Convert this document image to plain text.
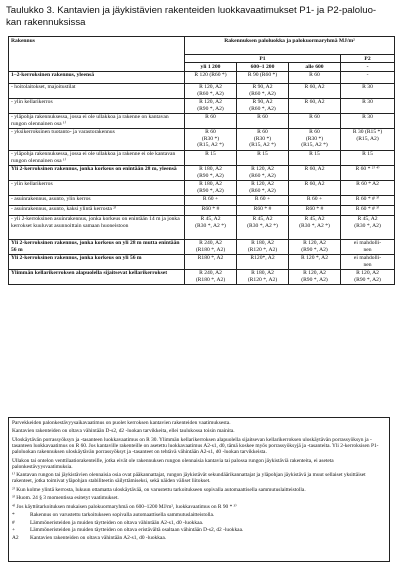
Taulukko 3. Kantavien ja jäykistävien rakenteiden luokkavaatimukset P1- ja P2-paloluo-
kan rakennuksissa
Rakennus	Rakennuksen paloluokka ja palokuormaryhmä MJ/m²			
	P1			P2
	yli 1 200	600–1 200	alle 600	-
1–2-kerroksinen rakennus, yleensä	R 120 (R60 *)	R 90 (R60 *)	R 60	-
- hoitolaitokset, majoitustilat	R 120, A2
(R60 *, A2)	R 90, A2
(R60 *, A2)	R 60, A2	R 30
- ylin kellarikerros	R 120, A2
(R90 *, A2)	R 90, A2
(R60 *, A2)	R 60, A2	R 30
- yläpohja rakennuksessa, jossa ei ole ullakkoa ja rakenne on kantavan rungon olennainen osa ¹⁾	R 60	R 60	R 60	R 30
- yksikerroksinen tuotanto- ja varastorakennus	R 60
(R30 *)
(R15, A2 *)	R 60
(R30 *)
(R15, A2 *)	R 60
(R30 *)
(R15, A2 *)	R 30 (R15 *)
(R15, A2)
- yläpohja rakennuksessa, jossa ei ole ullakkoa ja rakenne ei ole kantavan rungon olennainen osa ¹⁾	R 15	R 15	R 15	R 15
Yli 2-kerroksinen rakennus, jonka korkeus on enintään 28 m, yleensä	R 180, A2
(R90 *, A2)	R 120, A2
(R60 *, A2)	R 60, A2	R 60 * ²⁾ ⁴⁾
- ylin kellarikerros	R 180, A2
(R90 *, A2)	R 120, A2
(R60 *, A2)	R 60, A2	R 60 * A2
- asuinrakennus, asunto, ylin kerros	R 60 +	R 60 +	R 60 +	R 60 * # ³⁾
- asuinrakennus, asunto, kaksi ylintä kerrosta ²⁾	R60 * #	R60 * #	R60 * #	R 60 * # ³⁾
- yli 2-kerroksinen asuinrakennus, jonka korkeus on enintään 14 m ja jonka kerrokset kuuluvat asunnoittain samaan huoneistoon	R 45, A2
(R30 *, A2 *)	R 45, A2
(R30 *, A2 *)	R 45, A2
(R30 *, A2 *)	R 45, A2
(R30 *, A2)
Yli 2-kerroksinen rakennus, jonka korkeus on yli 28 m mutta enintään 56 m	R 240, A2
(R180 *, A2)	R 180, A2
(R120 *, A2)	R 120, A2
(R90 *, A2)	ei mahdolli-
nen
Yli 2-kerroksinen rakennus, jonka korkeus on yli 56 m	R180 *, A2	R120*, A2	R 120 *, A2	ei mahdolli-
nen
Ylimmän kellarikerroksen alapuolella sijaitsevat kellarikerrokset	R 240, A2
(R180 *, A2)	R 180, A2
(R120 *, A2)	R 120, A2
(R90 *, A2)	R 120, A2
(R90 *, A2)

Parvekkeiden palonkestävyysaikavaatimus on puolet kerroksen kantavien rakenteiden vaatimuksesta.

Kantavien rakenteiden on oltava vähintään D-s2, d2 -luokan tarvikkeita, ellei taulukossa toisin mainita.

Uloskäytävän porrassyöksyn ja -tasanteen luokkavaatimus on R 30. Ylimmän kellarikerroksen alapuolella sijaitsevan kellarikerroksen uloskäytävän porrassyöksyn ja -tasanteen luokkavaatimus on R 60. Jos kantaville rakenteille on asetettu luokkavaatimus A2-s1, d0, tämä koskee myös porrassyöksyjä ja -tasanteita. Yli 2-kerroksisen P1-paloluokan rakennuksen uloskäytävän porrassyöksyt ja -tasanteet on tehtävä vähintään A2-s1, d0 -luokan tarvikkeista.

Ullakon tai ontelon venttilaatiorakenteille, jotka eivät ole rakennuksen rungon olennaisia kantavia tai palossa rungon jäykistäviä rakenteita, ei aseteta palonkestävyysvaatimuksia.

¹⁾ Kantavan rungon tai jäykistävien olennaisia osia ovat pääkannattajat, rungon jäykistävät sekundäärikannattajat ja yläpohjan jäykistävä ja muut sellaiset yksittäiset rakenteet, jotka toimivat yläpohjan stabiliteetin säilyttämiseksi, sekä näiden väliset liitokset.

²⁾ Kun kolme ylintä kerrosta, lukuun ottamatta uloskäytävää, on varustettu tarkoitukseen sopivalla automaattisella sammutuslaitteistolla.

³⁾ Huom. 24 § 3 momentissa esitetyt vaatimukset.

⁴⁾ Jos käyttötarkoituksen mukaisen palokuormaryhmä on 600–1200 MJ/m², luokkavaatimus on R 90 * ³⁾

*	Rakennus on varustettu tarkoitukseen sopivalla automaattisella sammutuslaitteistolla.
#	Lämmöneristeiden ja muiden täytteiden on oltava vähintään A2-s1, d0 -luokkaa.
+	Lämmöneristeiden ja muiden täytteiden on oltava eristävältä osaltaan vähintään D-s2, d2 -luokkaa.
A2	Kantavien rakenteiden on oltava vähintään A2-s1, d0 -luokkaa.
